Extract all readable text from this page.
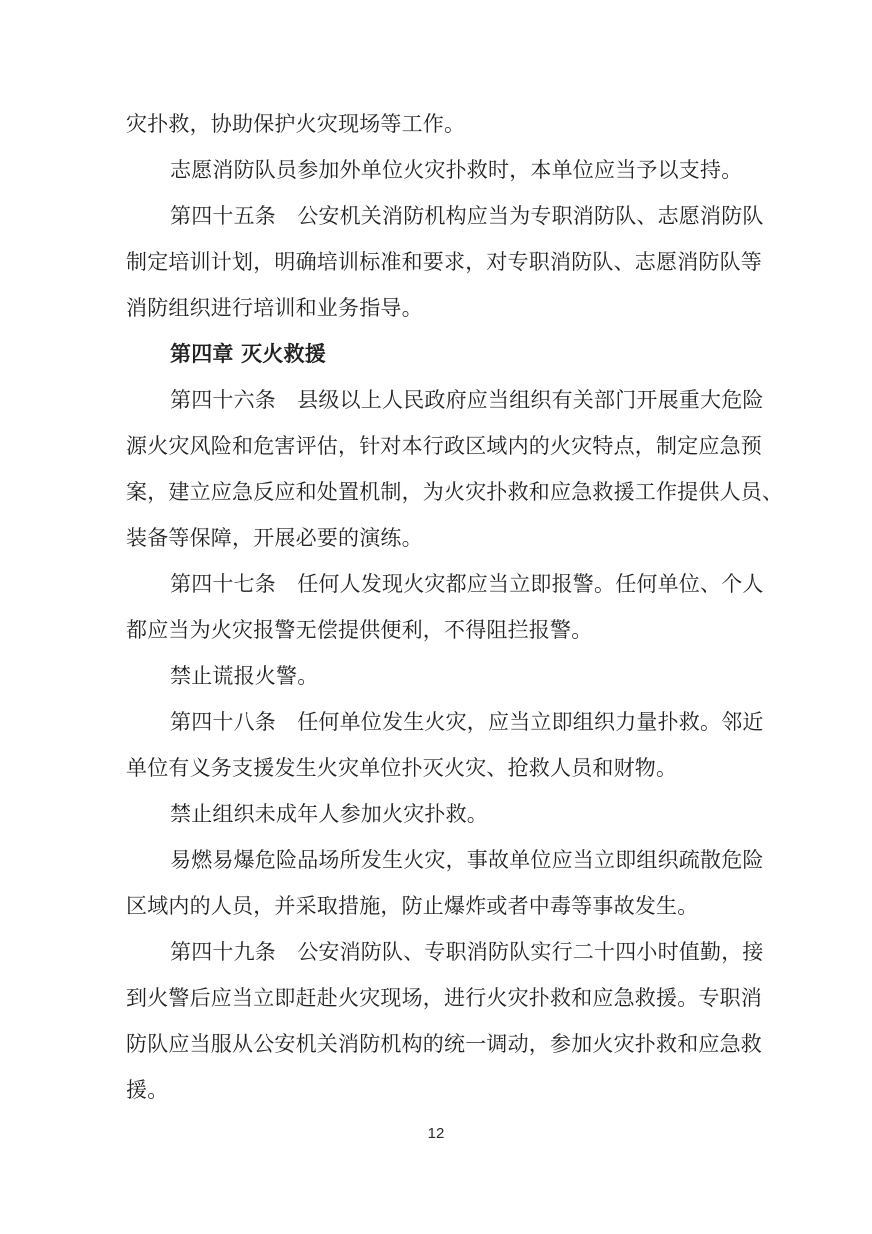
灾扑救，协助保护火灾现场等工作。
志愿消防队员参加外单位火灾扑救时，本单位应当予以支持。
第四十五条　公安机关消防机构应当为专职消防队、志愿消防队
制定培训计划，明确培训标准和要求，对专职消防队、志愿消防队等
消防组织进行培训和业务指导。
第四章 灭火救援
第四十六条　县级以上人民政府应当组织有关部门开展重大危险
源火灾风险和危害评估，针对本行政区域内的火灾特点，制定应急预
案，建立应急反应和处置机制，为火灾扑救和应急救援工作提供人员、
装备等保障，开展必要的演练。
第四十七条　任何人发现火灾都应当立即报警。任何单位、个人
都应当为火灾报警无偿提供便利，不得阻拦报警。
禁止谎报火警。
第四十八条　任何单位发生火灾，应当立即组织力量扑救。邻近
单位有义务支援发生火灾单位扑灭火灾、抢救人员和财物。
禁止组织未成年人参加火灾扑救。
易燃易爆危险品场所发生火灾，事故单位应当立即组织疏散危险
区域内的人员，并采取措施，防止爆炸或者中毒等事故发生。
第四十九条　公安消防队、专职消防队实行二十四小时值勤，接
到火警后应当立即赶赴火灾现场，进行火灾扑救和应急救援。专职消
防队应当服从公安机关消防机构的统一调动，参加火灾扑救和应急救
援。
12
